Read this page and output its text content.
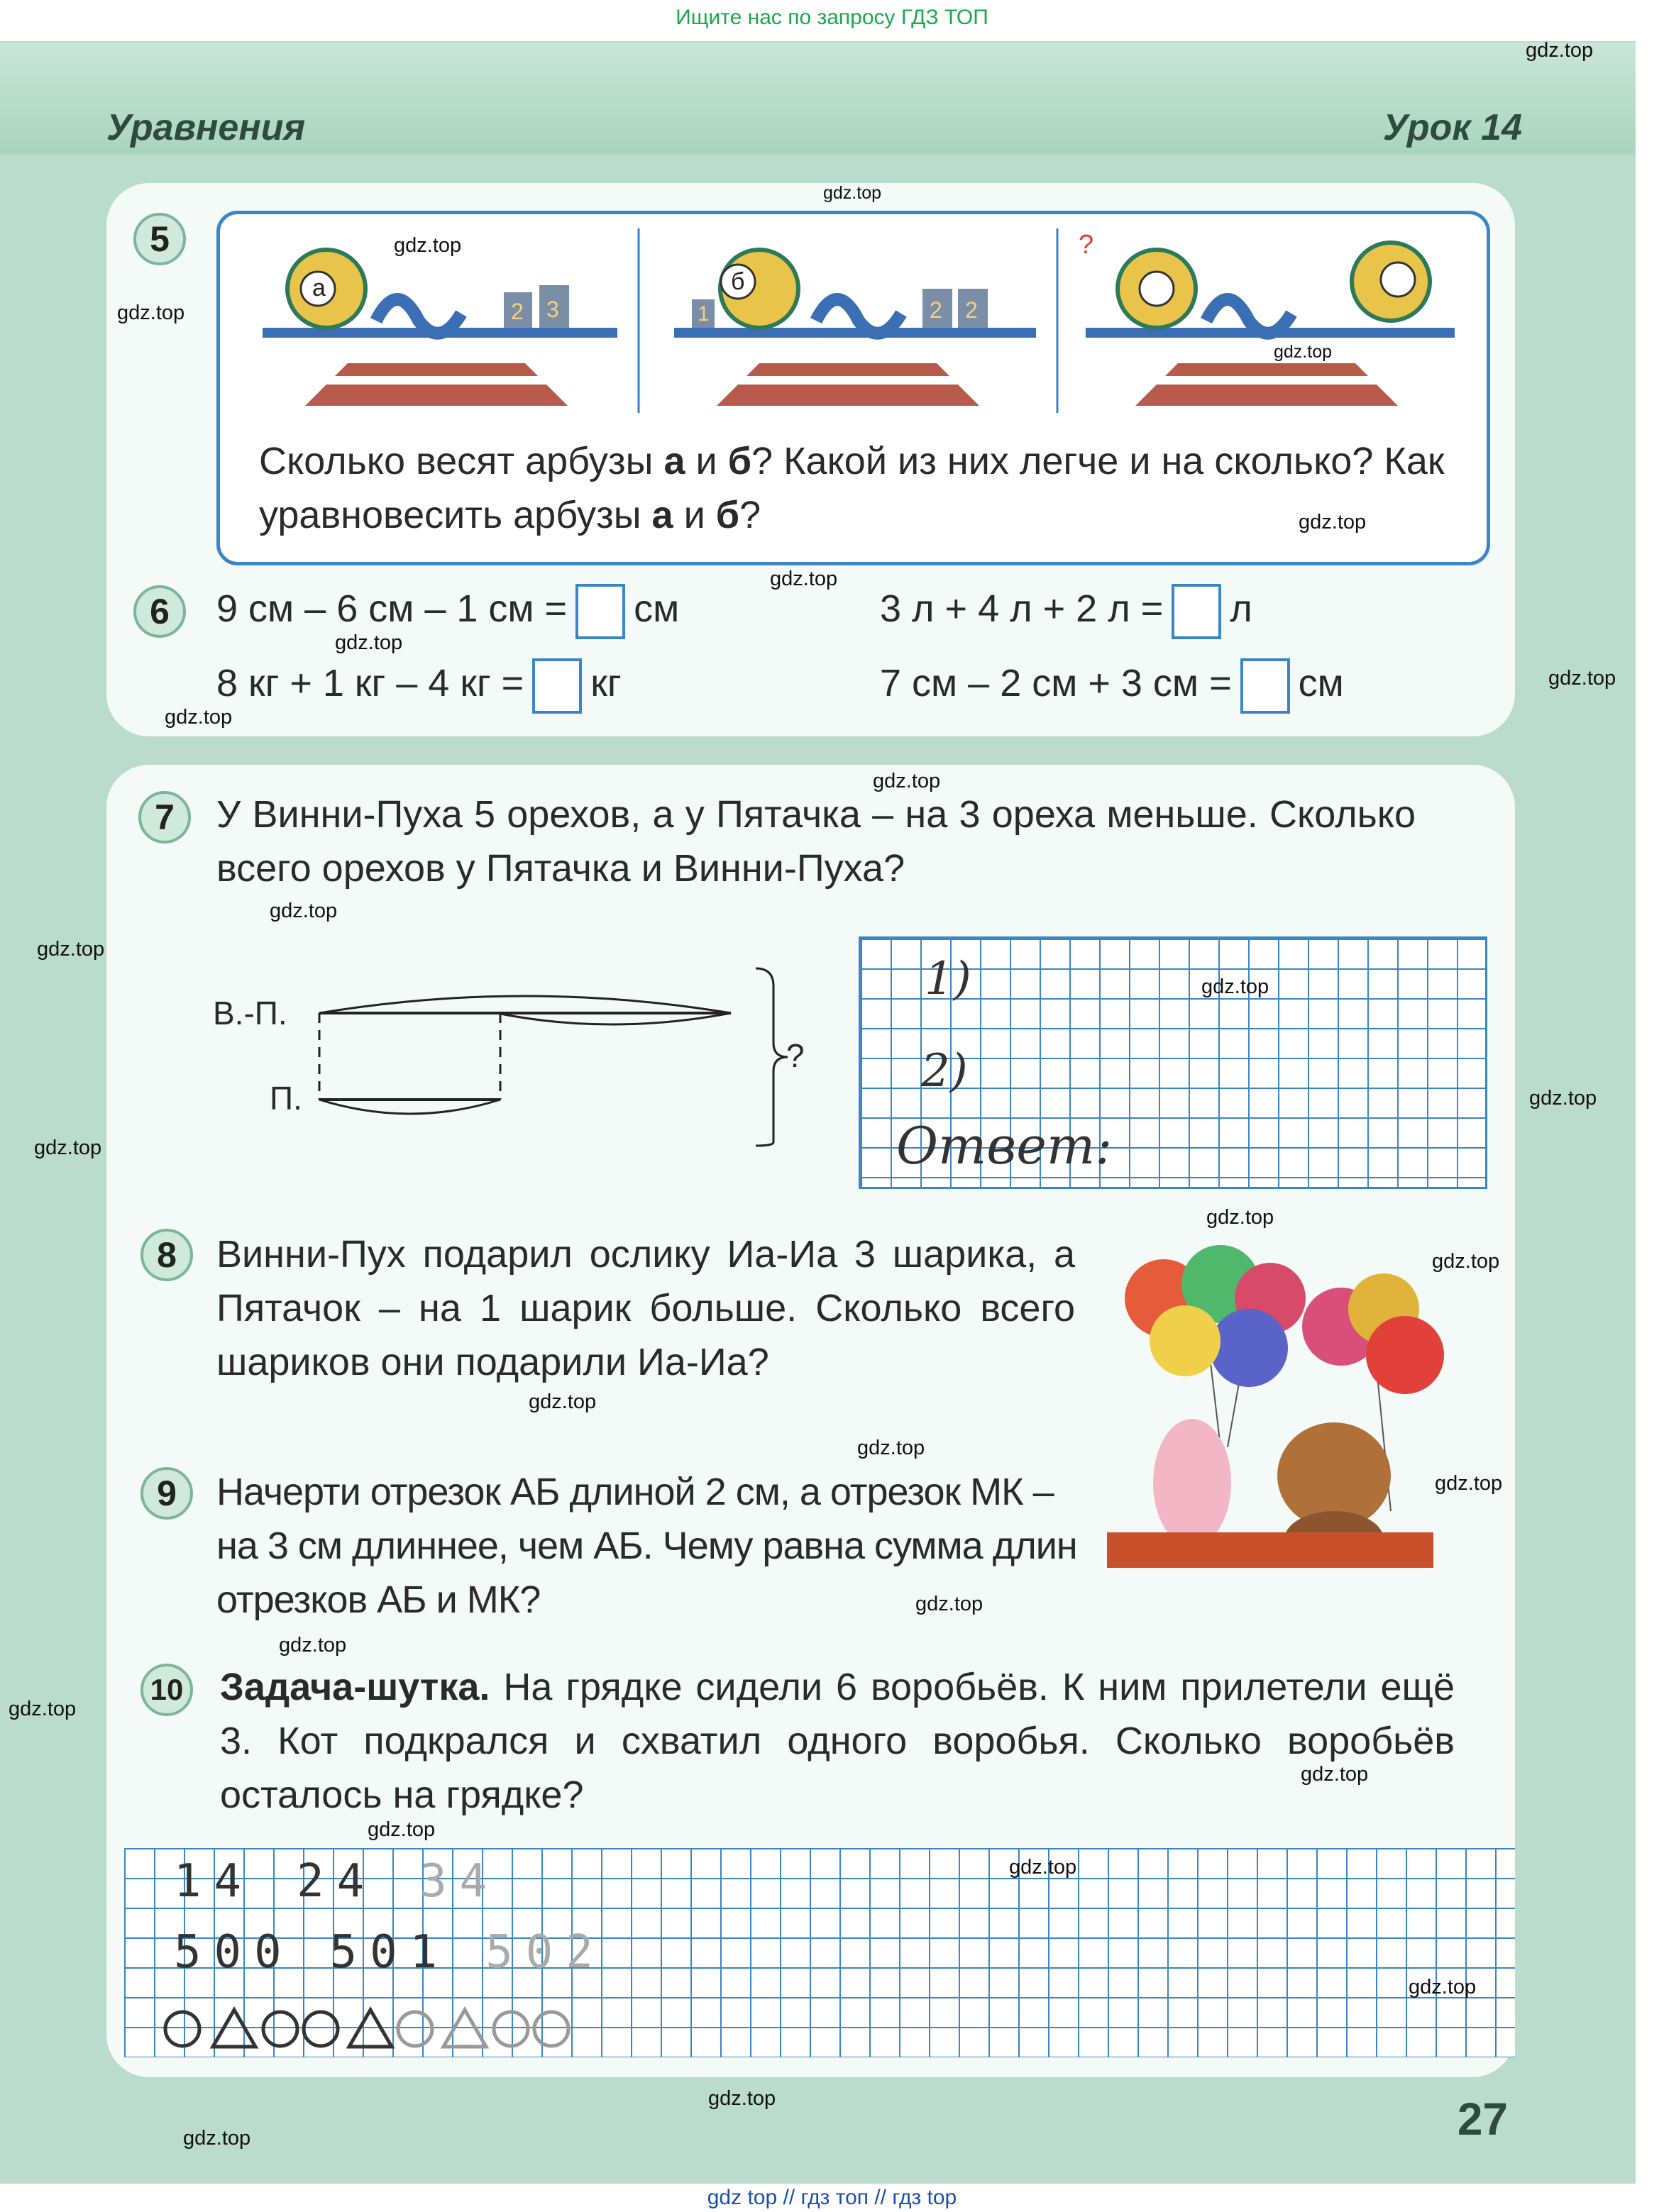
Ищите нас по запросу ГДЗ ТОП
Уравнения	Урок 14
5
а
2 3	1
б
2 2
?
Сколько весят арбузы а и б? Какой из них легче и на сколько? Как уравновесить арбузы а и б?
6	9 см – 6 см – 1 см = см	3 л + 4 л + 2 л = л
8 кг + 1 кг – 4 кг = кг	7 см – 2 см + 3 см = см
7	У Винни-Пуха 5 орехов, а у Пятачка – на 3 ореха меньше. Сколько всего орехов у Пятачка и Винни-Пуха?
В.-П.
П.
?
1)
2)
Ответ:
8	Винни-Пух подарил ослику Иа-Иа 3 шарика, а Пятачок – на 1 шарик больше. Сколько всего шариков они подарили Иа-Иа?
9	Начерти отрезок АБ длиной 2 см, а отрезок МК – на 3 см длиннее, чем АБ. Чему равна сумма длин отрезков АБ и МК?
10 Задача-шутка. На грядке сидели 6 воробьёв. К ним прилетели ещё 3. Кот подкрался и схватил одного воробья. Сколько воробьёв осталось на грядке?
14 24 34
500 501 502
27
gdz.top
gdz.top
gdz.top
gdz.top
gdz.top
gdz.top
gdz.top
gdz.top
gdz.top
gdz.top
gdz.top
gdz.top
gdz.top
gdz.top
gdz.top
gdz.top
gdz.top
gdz.top
gdz.top
gdz.top
gdz.top
gdz.top
gdz.top
gdz.top
gdz.top
gdz.top
gdz.top
gdz.top
gdz.top
gdz.top
gdz top // гдз топ // гдз top
